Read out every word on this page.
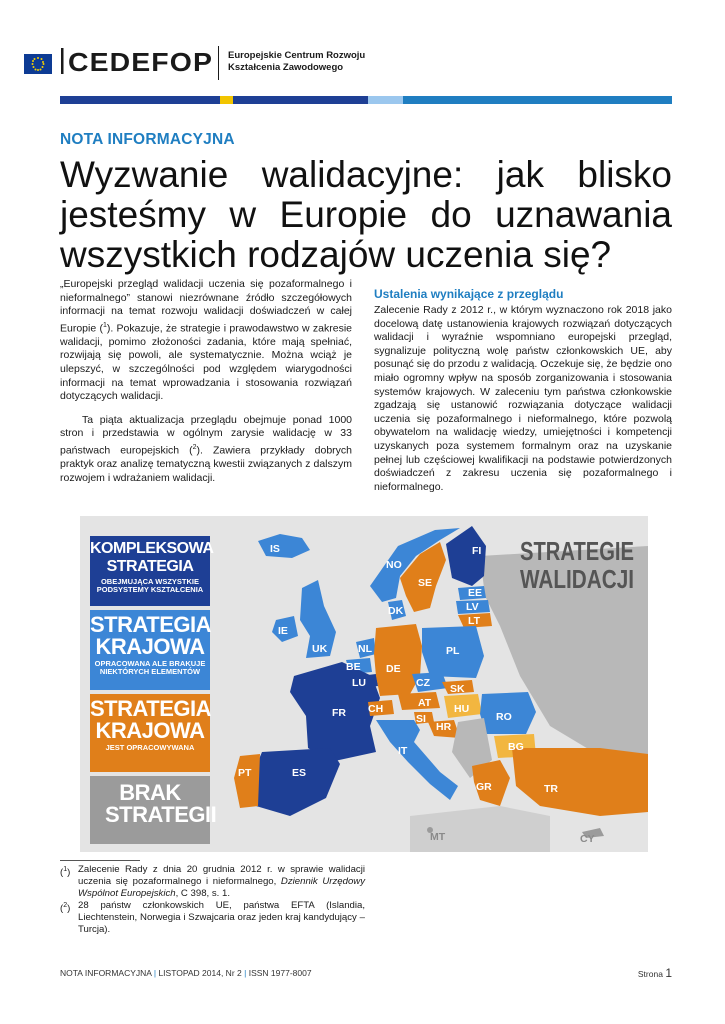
CEDEFOP Europejskie Centrum Rozwoju
Kształcenia Zawodowego
NOTA INFORMACYJNA
Wyzwanie walidacyjne: jak blisko jesteśmy w Europie do uznawania wszystkich rodzajów uczenia się?

„Europejski przegląd walidacji uczenia się pozaformalnego i nieformalnego” stanowi niezrównane źródło szczegółowych informacji na temat rozwoju walidacji doświadczeń w całej Europie ($^1$). Pokazuje, że strategie i prawodawstwo w zakresie walidacji, pomimo złożoności zadania, które mają spełniać, rozwijają się powoli, ale systematycznie. Można wciąż je ulepszyć, w szczególności pod względem wiarygodności informacji na temat wprowadzania i stosowania rozwiązań dotyczących walidacji.

Ta piąta aktualizacja przeglądu obejmuje ponad 1000 stron i przedstawia w ogólnym zarysie walidację w 33 państwach europejskich ($^2$). Zawiera przykłady dobrych praktyk oraz analizę tematyczną kwestii związanych z dalszym rozwojem i wdrażaniem walidacji.

Ustalenia wynikające z przeglądu

Zalecenie Rady z 2012 r., w którym wyznaczono rok 2018 jako docelową datę ustanowienia krajowych rozwiązań dotyczących walidacji i wyraźnie wspomniano europejski przegląd, sygnalizuje polityczną wolę państw członkowskich UE, aby posunąć się do przodu z walidacją. Oczekuje się, że będzie ono miało ogromny wpływ na sposób zorganizowania i stosowania systemów krajowych. W zaleceniu tym państwa członkowskie zgadzają się ustanowić rozwiązania dotyczące walidacji uczenia się pozaformalnego i nieformalnego, które pozwolą obywatelom na walidację wiedzy, umiejętności i kompetencji uzyskanych poza systemem formalnym oraz na uzyskanie pełnej lub częściowej kwalifikacji na podstawie potwierdzonych doświadczeń z zakresu uczenia się pozaformalnego i nieformalnego.

IS	FI
NO
SE
EE
LV
LT
DK
IE
UK	NL	PL
BE DE
LU	CZ SK
FR
AT HU
CH
SI
HR
RO
IT	BG
ES
PT
GR	TR
MT	CY
STRATEGIE
WALIDACJI
KOMPLEKSOWA STRATEGIA
OBEJMUJĄCA WSZYSTKIE PODSYSTEMY KSZTAŁCENIA
STRATEGIA KRAJOWA
OPRACOWANA ALE BRAKUJE NIEKTÓRYCH ELEMENTÓW
STRATEGIA KRAJOWA
JEST OPRACOWYWANA
BRAK STRATEGII
($^1$) Zalecenie Rady z dnia 20 grudnia 2012 r. w sprawie walidacji uczenia się pozaformalnego i nieformalnego, Dziennik Urzędowy Wspólnot Europejskich, C 398, s. 1.
($^2$) 28 państw członkowskich UE, państwa EFTA (Islandia, Liechtenstein, Norwegia i Szwajcaria oraz jeden kraj kandydujący – Turcja).
NOTA INFORMACYJNA | LISTOPAD 2014, Nr 2 | ISSN 1977-8007	Strona 1
